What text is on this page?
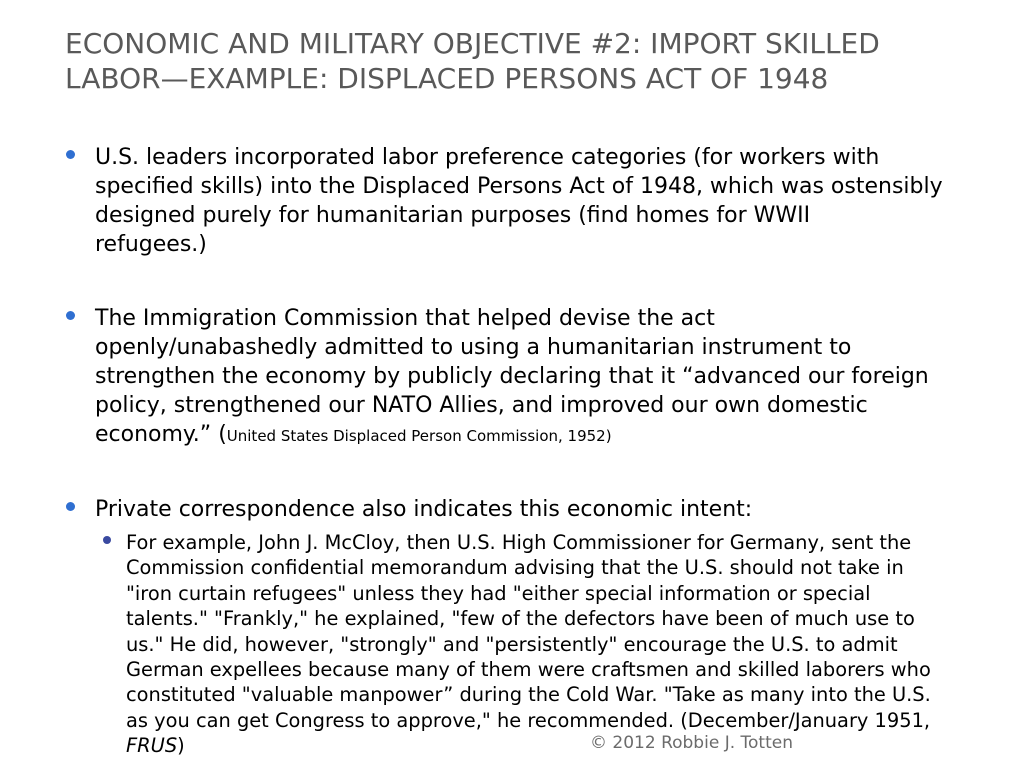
ECONOMIC AND MILITARY OBJECTIVE #2: IMPORT SKILLED
LABOR—EXAMPLE: DISPLACED PERSONS ACT OF 1948
U.S. leaders incorporated labor preference categories (for workers with
specified skills) into the Displaced Persons Act of 1948, which was ostensibly
designed purely for humanitarian purposes (find homes for WWII
refugees.)
The Immigration Commission that helped devise the act
openly/unabashedly admitted to using a humanitarian instrument to
strengthen the economy by publicly declaring that it “advanced our foreign
policy, strengthened our NATO Allies, and improved our own domestic
economy.” (United States Displaced Person Commission, 1952)
Private correspondence also indicates this economic intent:
For example, John J. McCloy, then U.S. High Commissioner for Germany, sent the
Commission confidential memorandum advising that the U.S. should not take in
"iron curtain refugees" unless they had "either special information or special
talents." "Frankly," he explained, "few of the defectors have been of much use to
us." He did, however, "strongly" and "persistently" encourage the U.S. to admit
German expellees because many of them were craftsmen and skilled laborers who
constituted "valuable manpower” during the Cold War. "Take as many into the U.S.
as you can get Congress to approve," he recommended. (December/January 1951,
FRUS)	© 2012 Robbie J. Totten
